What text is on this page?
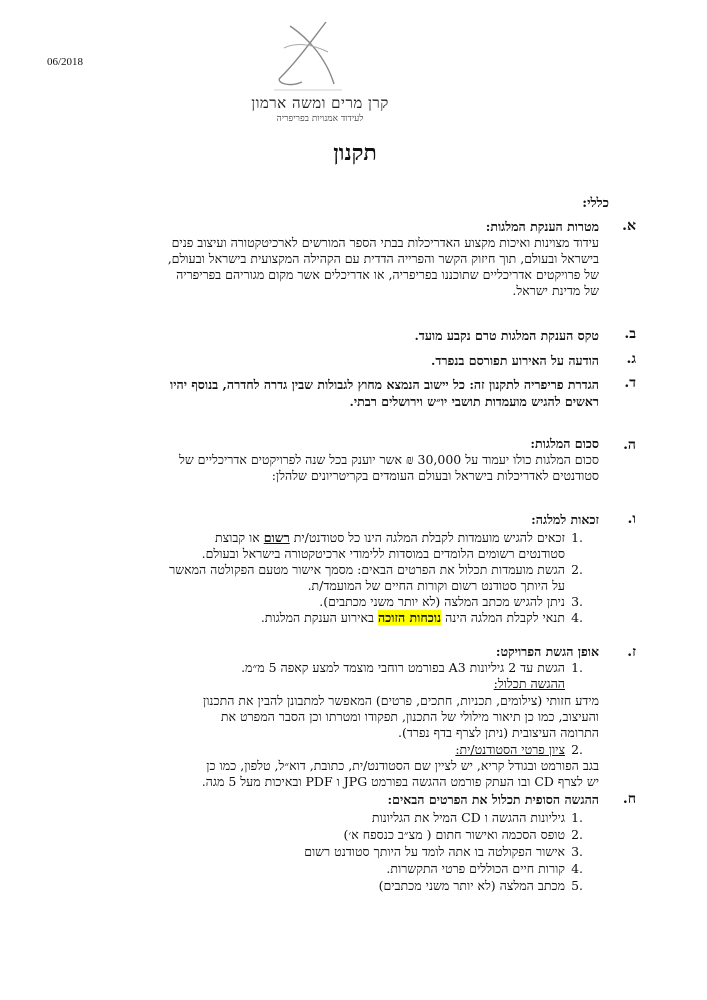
06/2018
קרן מרים ומשה ארמון
לעידוד אמנויות בפריפריה
תקנון
כללי:
א.
מטרות הענקת המלגות:
עידוד מצוינות ואיכות מקצוע האדריכלות בבתי הספר המורשים לארכיטקטורה ועיצוב פנים
בישראל ובעולם, תוך חיזוק הקשר והפרייה הדדית עם הקהילה המקצועית בישראל ובעולם,
של פרויקטים אדריכליים שתוכננו בפריפריה, או אדריכלים אשר מקום מגוריהם בפריפריה
של מדינת ישראל.
ב.
טקס הענקת המלגות טרם נקבע מועד.
ג.
הודעה על האירוע תפורסם בנפרד.
ד.
הגדרת פריפריה לתקנון זה: כל יישוב הנמצא מחוץ לגבולות שבין גדרה לחדרה, בנוסף יהיו
ראשים להגיש מועמדות תושבי יו״ש וירושלים רבתי.
ה.
סכום המלגות:
סכום המלגות כולו יעמוד על 30,000 ₪ אשר יוענק בכל שנה לפרויקטים אדריכליים של
סטודנטים לאדריכלות בישראל ובעולם העומדים בקריטריונים שלהלן:
ו.
זכאות למלגה:
.1
זכאים להגיש מועמדות לקבלת המלגה הינו כל סטודנט/ית רשום או קבוצת
סטודנטים רשומים הלומדים במוסדות ללימודי ארכיטקטורה בישראל ובעולם.
.2
הגשת מועמדות תכלול את הפרטים הבאים: מסמך אישור מטעם הפקולטה המאשר
על היותך סטודנט רשום וקורות החיים של המועמד/ת.
.3
ניתן להגיש מכתב המלצה (לא יותר משני מכתבים).
.4
תנאי לקבלת המלגה הינה נוכחות הזוכה באירוע הענקת המלגות.
ז.
אופן הגשת הפרויקט:
.1
הגשת עד 2 גיליונות A3 בפורמט רוחבי מוצמד למצע קאפה 5 מ״מ.
ההגשה תכלול:
מידע חזותי (צילומים, תכניות, חתכים, פרטים) המאפשר למתבונן להבין את התכנון
והעיצוב, כמו כן תיאור מילולי של התכנון, תפקודו ומטרתו וכן הסבר המפרט את
התרומה העיצובית (ניתן לצרף בדף נפרד).
.2
ציון פרטי הסטודנט/ית:
בגב הפורמט ובגודל קריא, יש לציין שם הסטודנט/ית, כתובת, דוא״ל, טלפון, כמו כן
יש לצרף CD ובו העתק פורמט ההגשה בפורמט JPG ו PDF ובאיכות מעל 5 מגה.
ח.
ההגשה הסופית תכלול את הפרטים הבאים:
.1
גיליונות ההגשה ו CD המיל את הגליונות
.2
טופס הסכמה ואישור חתום ( מצ״ב כנספח א׳)
.3
אישור הפקולטה בו אתה לומד על היותך סטודנט רשום
.4
קורות חיים הכוללים פרטי התקשרות.
.5
מכתב המלצה (לא יותר משני מכתבים)
